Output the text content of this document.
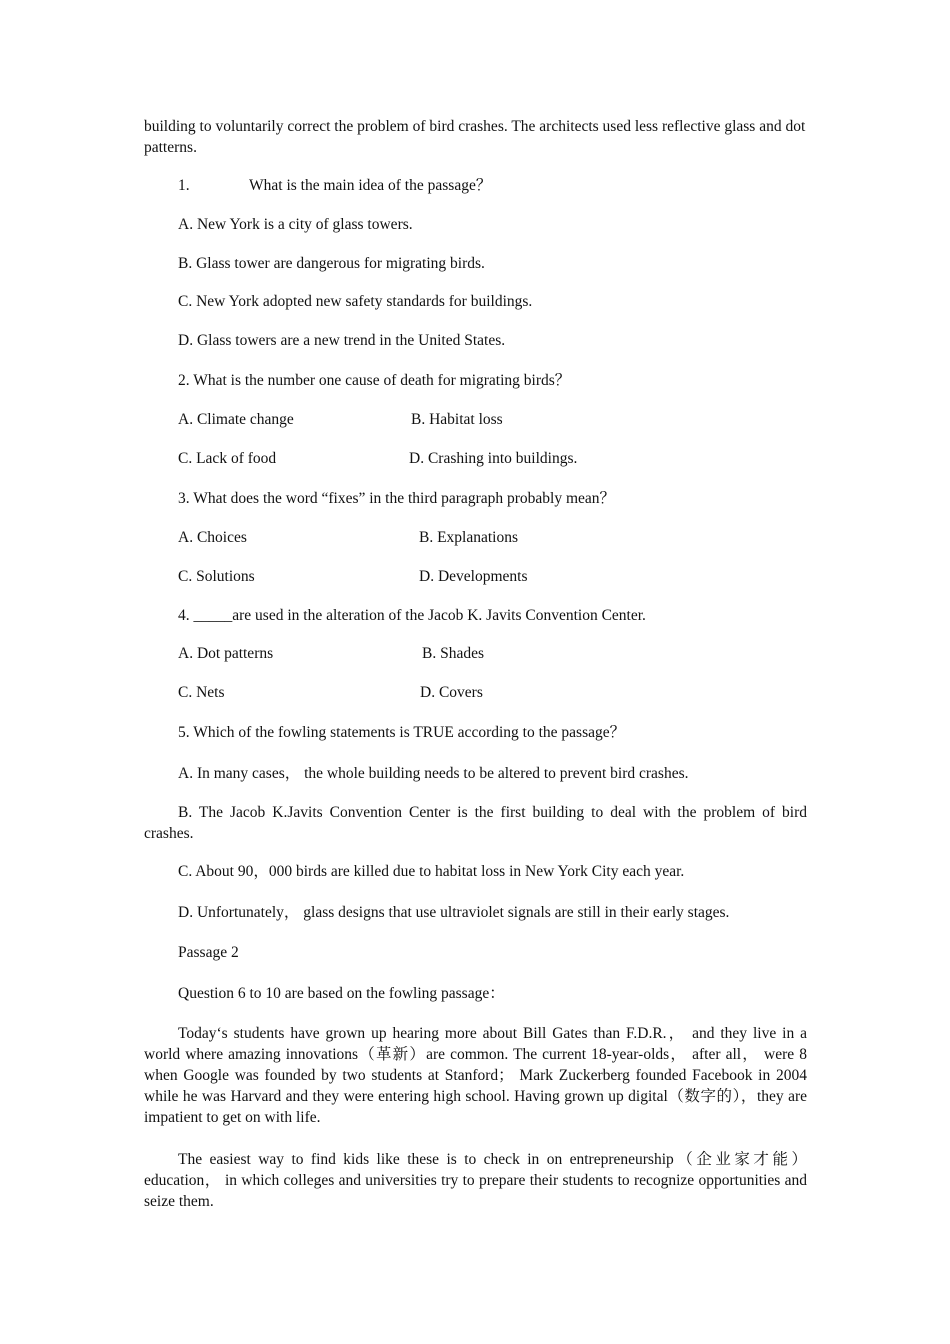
building to voluntarily correct the problem of bird crashes. The architects used less reflective glass and dot patterns.

1.	What is the main idea of the passage？

A. New York is a city of glass towers.

B. Glass tower are dangerous for migrating birds.

C. New York adopted new safety standards for buildings.

D. Glass towers are a new trend in the United States.

2. What is the number one cause of death for migrating birds？

A. Climate change	B. Habitat loss

C. Lack of food	D. Crashing into buildings.

3. What does the word “fixes” in the third paragraph probably mean？

A. Choices	B. Explanations

C. Solutions	D. Developments

4. _____are used in the alteration of the Jacob K. Javits Convention Center.

A. Dot patterns	B. Shades

C. Nets	D. Covers

5. Which of the fowling statements is TRUE according to the passage？

A. In many cases， the whole building needs to be altered to prevent bird crashes.

B. The Jacob K.Javits Convention Center is the first building to deal with the problem of bird crashes.

C. About 90，000 birds are killed due to habitat loss in New York City each year.

D. Unfortunately， glass designs that use ultraviolet signals are still in their early stages.

Passage 2

Question 6 to 10 are based on the fowling passage：

Today‘s students have grown up hearing more about Bill Gates than F.D.R.， and they live in a world where amazing innovations（革新）are common. The current 18-year-olds， after all， were 8 when Google was founded by two students at Stanford； Mark Zuckerberg founded Facebook in 2004 while he was Harvard and they were entering high school. Having grown up digital（数字的），they are impatient to get on with life.

The easiest way to find kids like these is to check in on entrepreneurship（企业家才能）education， in which colleges and universities try to prepare their students to recognize opportunities and seize them.
